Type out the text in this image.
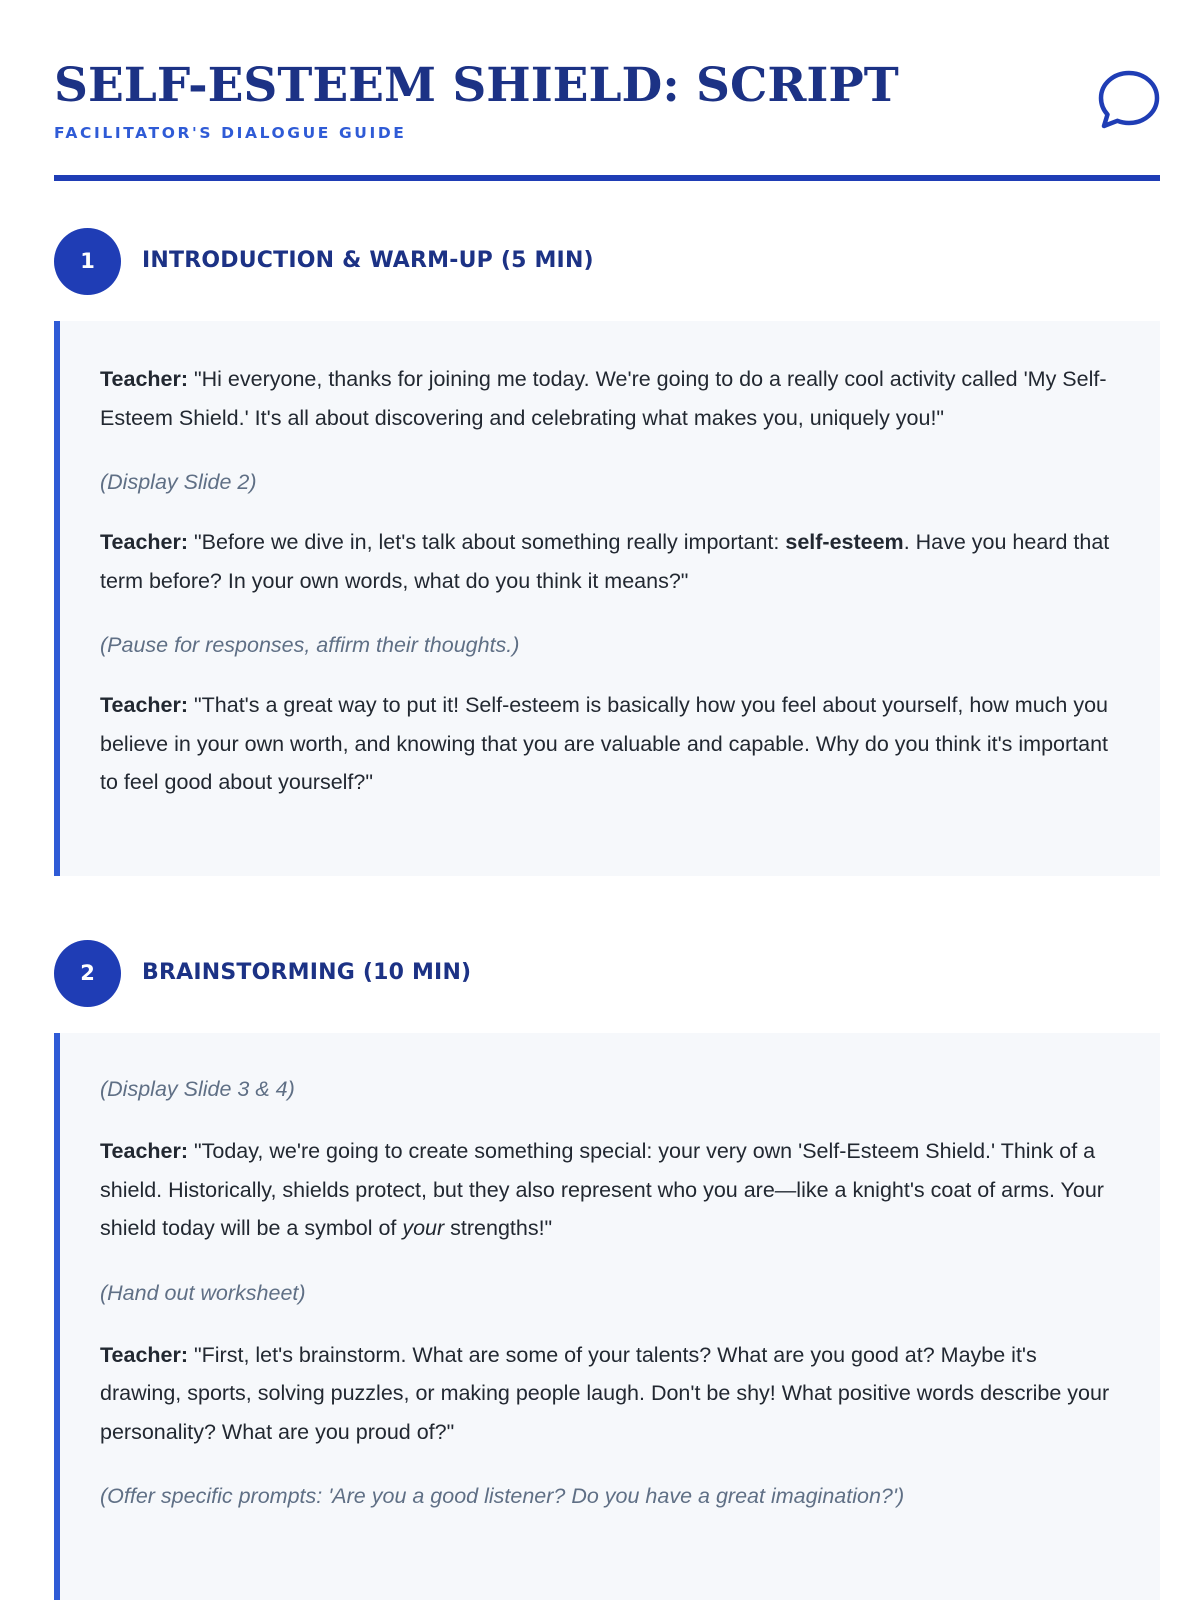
SELF-ESTEEM SHIELD: SCRIPT
FACILITATOR'S DIALOGUE GUIDE
1	INTRODUCTION & WARM-UP (5 MIN)

Teacher: "Hi everyone, thanks for joining me today. We're going to do a really cool activity called 'My Self-Esteem Shield.' It's all about discovering and celebrating what makes you, uniquely you!"

(Display Slide 2)

Teacher: "Before we dive in, let's talk about something really important: self-esteem. Have you heard that term before? In your own words, what do you think it means?"

(Pause for responses, affirm their thoughts.)

Teacher: "That's a great way to put it! Self-esteem is basically how you feel about yourself, how much you believe in your own worth, and knowing that you are valuable and capable. Why do you think it's important to feel good about yourself?"

2	BRAINSTORMING (10 MIN)

(Display Slide 3 & 4)

Teacher: "Today, we're going to create something special: your very own 'Self-Esteem Shield.' Think of a shield. Historically, shields protect, but they also represent who you are—like a knight's coat of arms. Your shield today will be a symbol of your strengths!"

(Hand out worksheet)

Teacher: "First, let's brainstorm. What are some of your talents? What are you good at? Maybe it's drawing, sports, solving puzzles, or making people laugh. Don't be shy! What positive words describe your personality? What are you proud of?"

(Offer specific prompts: 'Are you a good listener? Do you have a great imagination?')
